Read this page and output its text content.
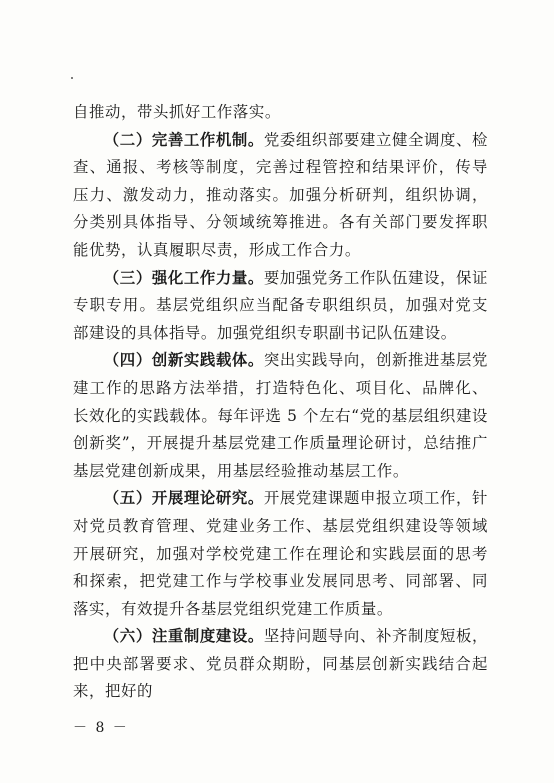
自推动，带头抓好工作落实。

（二）完善工作机制。党委组织部要建立健全调度、检查、通报、考核等制度，完善过程管控和结果评价，传导压力、激发动力，推动落实。加强分析研判，组织协调，分类别具体指导、分领域统筹推进。各有关部门要发挥职能优势，认真履职尽责，形成工作合力。

（三）强化工作力量。要加强党务工作队伍建设，保证专职专用。基层党组织应当配备专职组织员，加强对党支部建设的具体指导。加强党组织专职副书记队伍建设。

（四）创新实践载体。突出实践导向，创新推进基层党建工作的思路方法举措，打造特色化、项目化、品牌化、长效化的实践载体。每年评选 5 个左右“党的基层组织建设创新奖”，开展提升基层党建工作质量理论研讨，总结推广基层党建创新成果，用基层经验推动基层工作。

（五）开展理论研究。开展党建课题申报立项工作，针对党员教育管理、党建业务工作、基层党组织建设等领域开展研究，加强对学校党建工作在理论和实践层面的思考和探索，把党建工作与学校事业发展同思考、同部署、同落实，有效提升各基层党组织党建工作质量。

（六）注重制度建设。坚持问题导向、补齐制度短板，把中央部署要求、党员群众期盼，同基层创新实践结合起来，把好的

－ 8 －
